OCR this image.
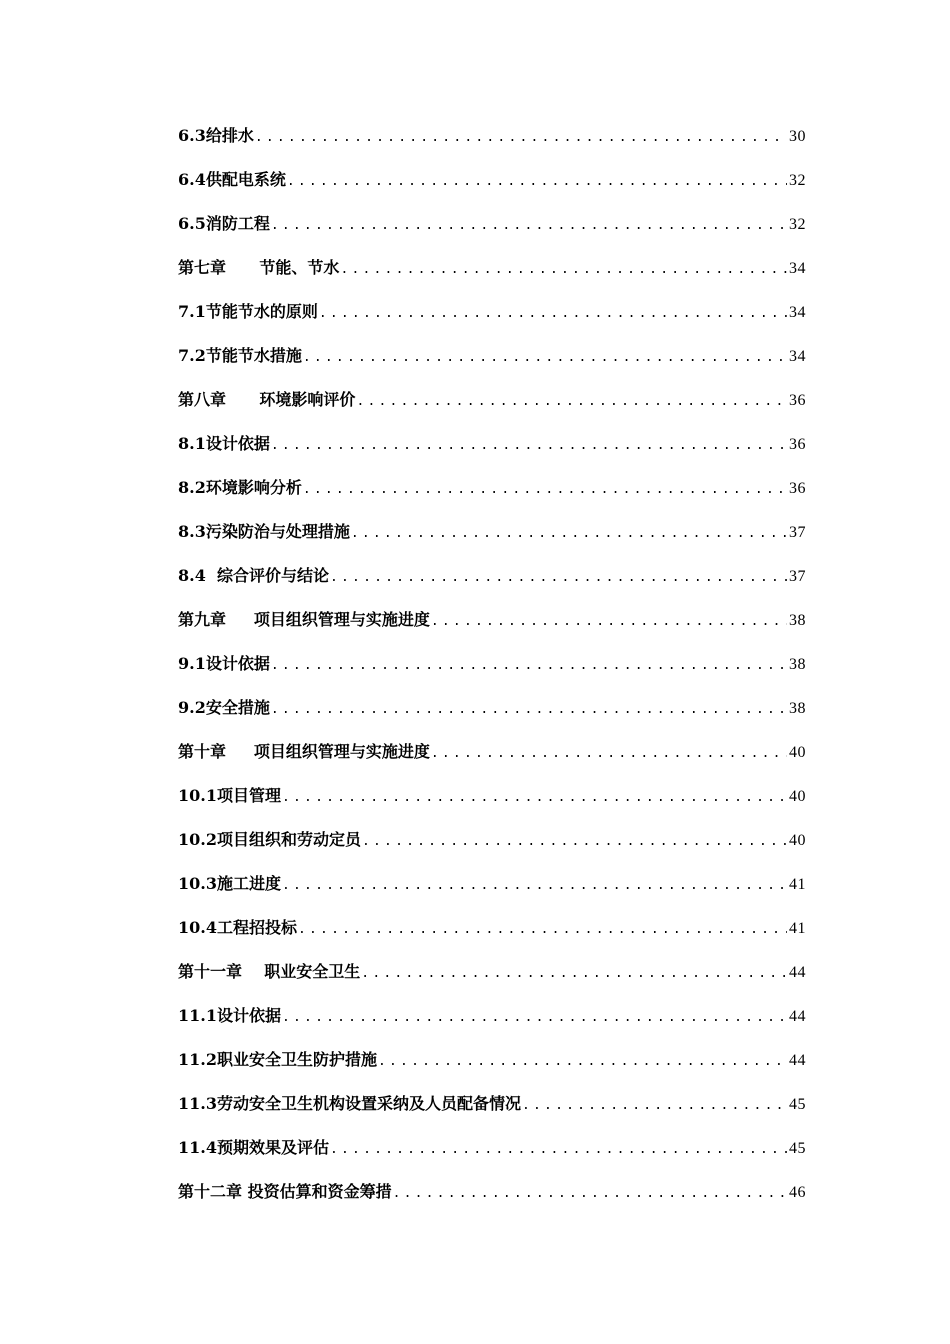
6.3给排水 .....	30
6.4供配电系统 .....	32
6.5消防工程 .....	32
第七章      节能、节水 .....	34
7.1节能节水的原则 .....	34
7.2节能节水措施 .....	34
第八章      环境影响评价 .....	36
8.1设计依据 .....	36
8.2环境影响分析 .....	36
8.3污染防治与处理措施 .....	37
8.4  综合评价与结论 .....	37
第九章     项目组织管理与实施进度 .....	38
9.1设计依据 .....	38
9.2安全措施 .....	38
第十章     项目组织管理与实施进度 .....	40
10.1项目管理 .....	40
10.2项目组织和劳动定员 .....	40
10.3施工进度 .....	41
10.4工程招投标 .....	41
第十一章    职业安全卫生 .....	44
11.1设计依据 .....	44
11.2职业安全卫生防护措施 .....	44
11.3劳动安全卫生机构设置采纳及人员配备情况 .....	45
11.4预期效果及评估 .....	45
第十二章 投资估算和资金筹措 .....	46
